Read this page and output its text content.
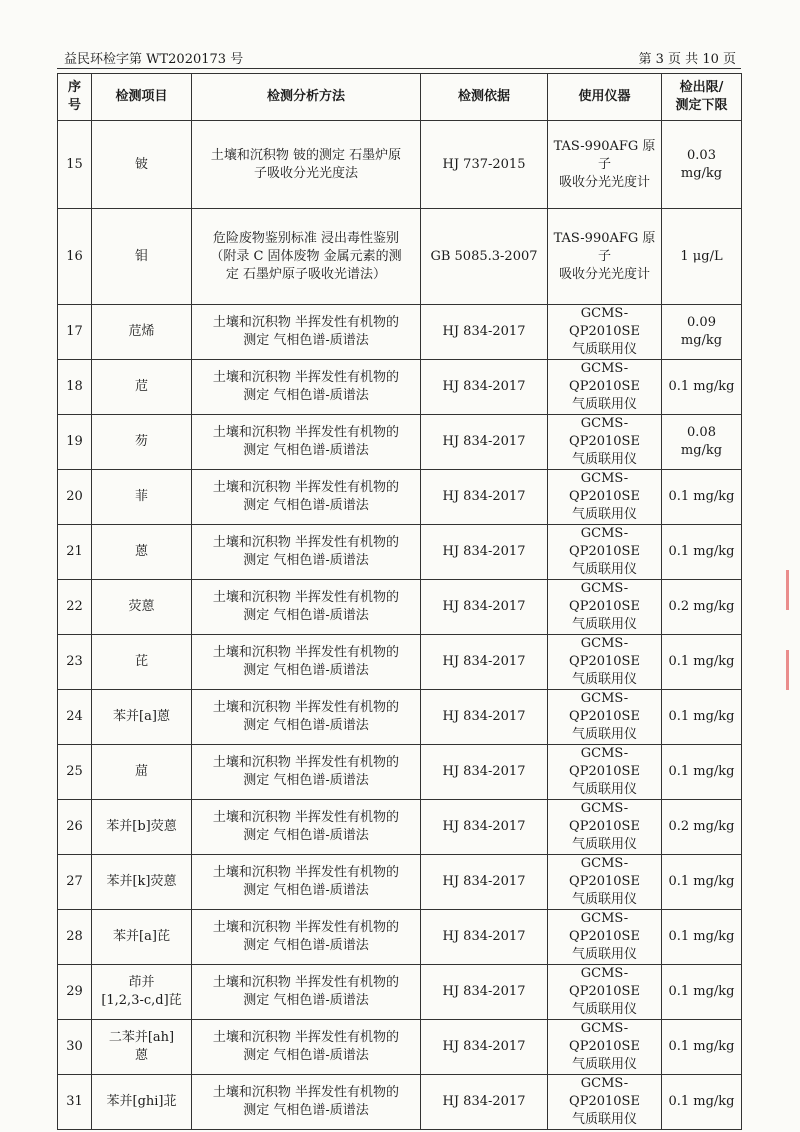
益民环检字第 WT2020173 号	第 3 页 共 10 页
序号	检测项目	检测分析方法	检测依据	使用仪器	检出限/
测定下限
15	铍	土壤和沉积物 铍的测定 石墨炉原
子吸收分光光度法	HJ 737-2015	TAS-990AFG 原子
吸收分光光度计	0.03 mg/kg
16	钼	危险废物鉴别标准 浸出毒性鉴别
（附录 C 固体废物 金属元素的测
定 石墨炉原子吸收光谱法）	GB 5085.3-2007	TAS-990AFG 原子
吸收分光光度计	1 μg/L
17	苊烯	土壤和沉积物 半挥发性有机物的
测定 气相色谱-质谱法	HJ 834-2017	GCMS-QP2010SE
气质联用仪	0.09 mg/kg
18	苊	土壤和沉积物 半挥发性有机物的
测定 气相色谱-质谱法	HJ 834-2017	GCMS-QP2010SE
气质联用仪	0.1 mg/kg
19	芴	土壤和沉积物 半挥发性有机物的
测定 气相色谱-质谱法	HJ 834-2017	GCMS-QP2010SE
气质联用仪	0.08 mg/kg
20	菲	土壤和沉积物 半挥发性有机物的
测定 气相色谱-质谱法	HJ 834-2017	GCMS-QP2010SE
气质联用仪	0.1 mg/kg
21	蒽	土壤和沉积物 半挥发性有机物的
测定 气相色谱-质谱法	HJ 834-2017	GCMS-QP2010SE
气质联用仪	0.1 mg/kg
22	荧蒽	土壤和沉积物 半挥发性有机物的
测定 气相色谱-质谱法	HJ 834-2017	GCMS-QP2010SE
气质联用仪	0.2 mg/kg
23	芘	土壤和沉积物 半挥发性有机物的
测定 气相色谱-质谱法	HJ 834-2017	GCMS-QP2010SE
气质联用仪	0.1 mg/kg
24	苯并[a]蒽	土壤和沉积物 半挥发性有机物的
测定 气相色谱-质谱法	HJ 834-2017	GCMS-QP2010SE
气质联用仪	0.1 mg/kg
25	䓛	土壤和沉积物 半挥发性有机物的
测定 气相色谱-质谱法	HJ 834-2017	GCMS-QP2010SE
气质联用仪	0.1 mg/kg
26	苯并[b]荧蒽	土壤和沉积物 半挥发性有机物的
测定 气相色谱-质谱法	HJ 834-2017	GCMS-QP2010SE
气质联用仪	0.2 mg/kg
27	苯并[k]荧蒽	土壤和沉积物 半挥发性有机物的
测定 气相色谱-质谱法	HJ 834-2017	GCMS-QP2010SE
气质联用仪	0.1 mg/kg
28	苯并[a]芘	土壤和沉积物 半挥发性有机物的
测定 气相色谱-质谱法	HJ 834-2017	GCMS-QP2010SE
气质联用仪	0.1 mg/kg
29	茚并
[1,2,3-c,d]芘	土壤和沉积物 半挥发性有机物的
测定 气相色谱-质谱法	HJ 834-2017	GCMS-QP2010SE
气质联用仪	0.1 mg/kg
30	二苯并[ah]
蒽	土壤和沉积物 半挥发性有机物的
测定 气相色谱-质谱法	HJ 834-2017	GCMS-QP2010SE
气质联用仪	0.1 mg/kg
31	苯并[ghi]苝	土壤和沉积物 半挥发性有机物的
测定 气相色谱-质谱法	HJ 834-2017	GCMS-QP2010SE
气质联用仪	0.1 mg/kg
